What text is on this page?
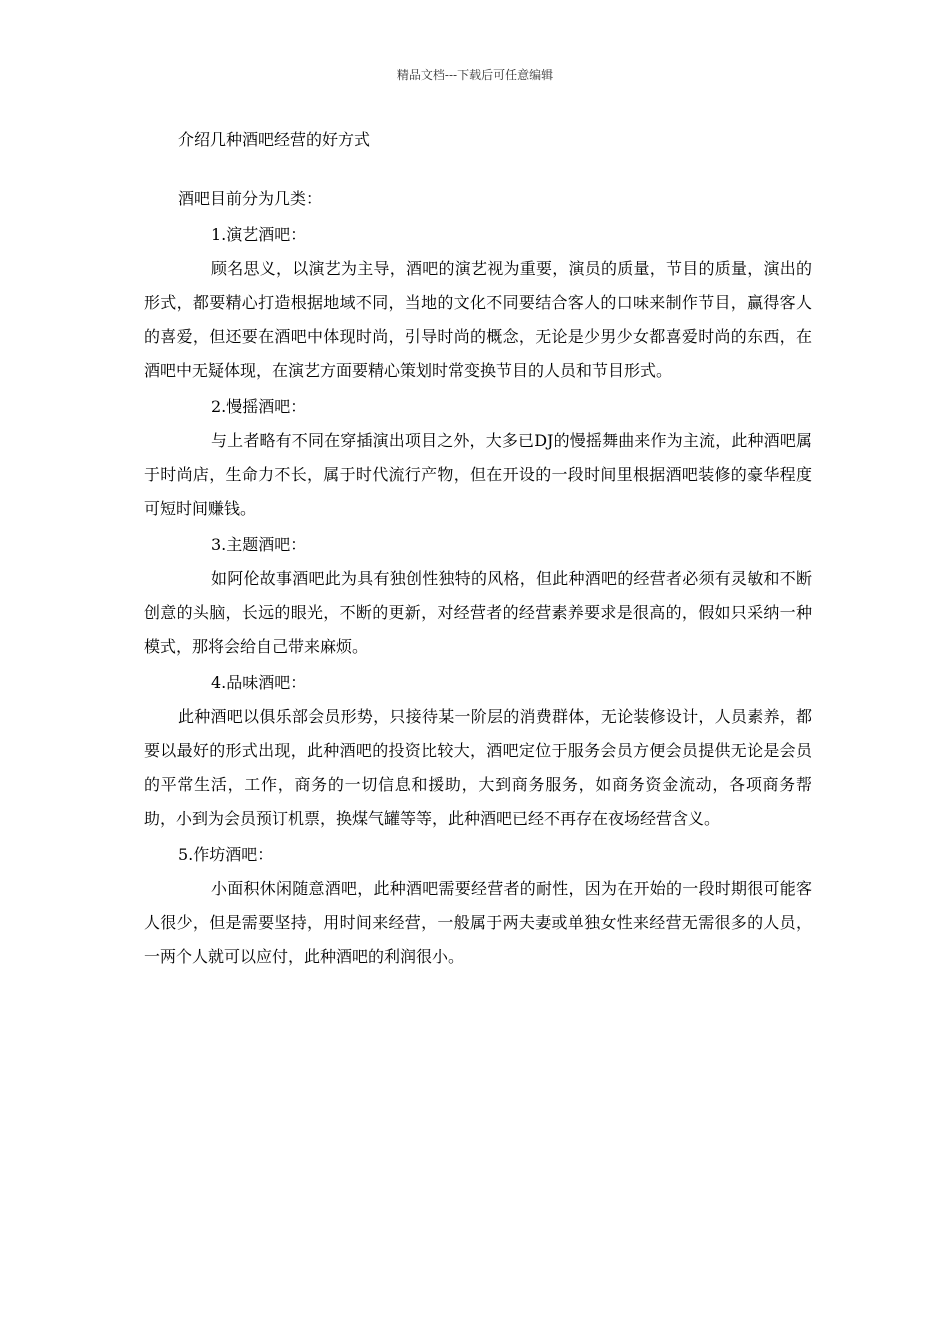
精品文档---下载后可任意编辑
介绍几种酒吧经营的好方式

酒吧目前分为几类：

1.演艺酒吧：

顾名思义，以演艺为主导，酒吧的演艺视为重要，演员的质量，节目的质量，演出的形式，都要精心打造根据地域不同，当地的文化不同要结合客人的口味来制作节目，赢得客人的喜爱，但还要在酒吧中体现时尚，引导时尚的概念，无论是少男少女都喜爱时尚的东西，在酒吧中无疑体现，在演艺方面要精心策划时常变换节目的人员和节目形式。

2.慢摇酒吧：

与上者略有不同在穿插演出项目之外，大多已DJ的慢摇舞曲来作为主流，此种酒吧属于时尚店，生命力不长，属于时代流行产物，但在开设的一段时间里根据酒吧装修的豪华程度可短时间赚钱。

3.主题酒吧：

如阿伦故事酒吧此为具有独创性独特的风格，但此种酒吧的经营者必须有灵敏和不断创意的头脑，长远的眼光，不断的更新，对经营者的经营素养要求是很高的，假如只采纳一种模式，那将会给自己带来麻烦。

4.品味酒吧：

此种酒吧以俱乐部会员形势，只接待某一阶层的消费群体，无论装修设计，人员素养，都要以最好的形式出现，此种酒吧的投资比较大，酒吧定位于服务会员方便会员提供无论是会员的平常生活，工作，商务的一切信息和援助，大到商务服务，如商务资金流动，各项商务帮助，小到为会员预订机票，换煤气罐等等，此种酒吧已经不再存在夜场经营含义。

5.作坊酒吧：

小面积休闲随意酒吧，此种酒吧需要经营者的耐性，因为在开始的一段时期很可能客人很少，但是需要坚持，用时间来经营，一般属于两夫妻或单独女性来经营无需很多的人员，一两个人就可以应付，此种酒吧的利润很小。
